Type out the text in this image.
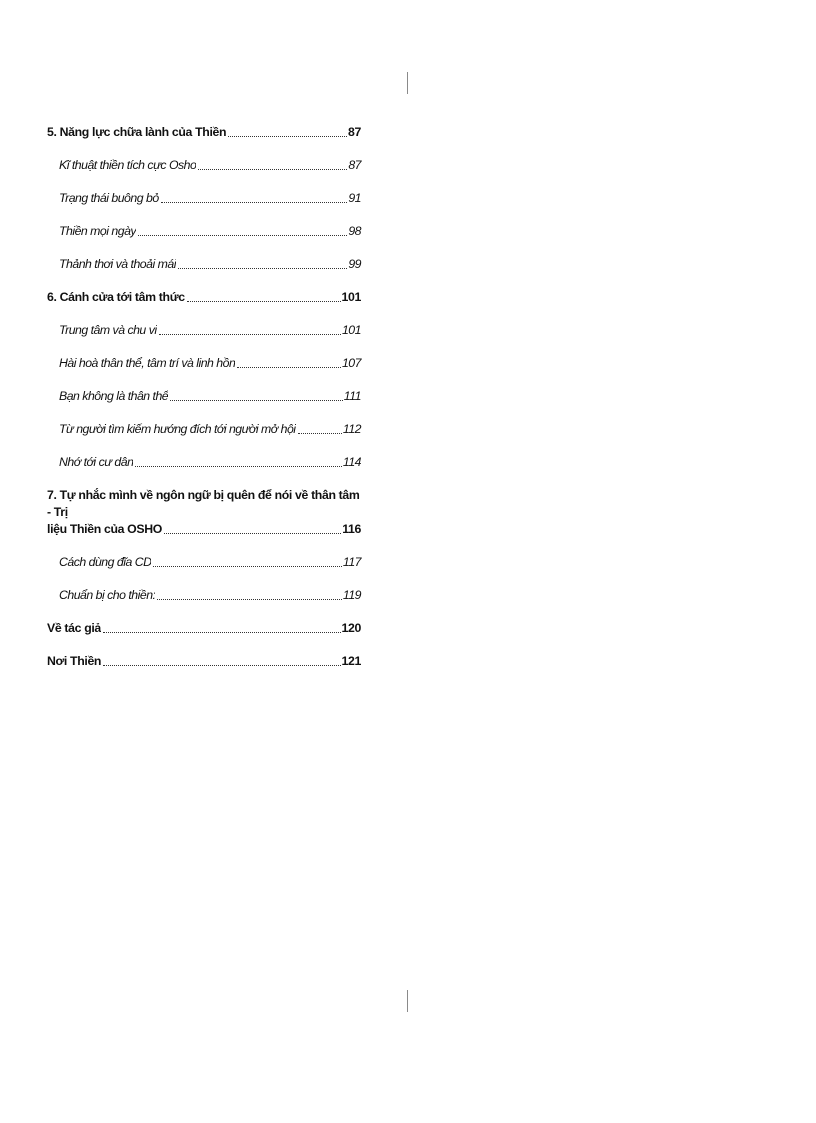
5. Năng lực chữa lành của Thiền	87
Kĩ thuật thiền tích cực Osho	87
Trạng thái buông bỏ	91
Thiền mọi ngày	98
Thảnh thơi và thoải mái	99
6. Cánh cửa tới tâm thức	101
Trung tâm và chu vi	101
Hài hoà thân thể, tâm trí và linh hồn	107
Bạn không là thân thể	111
Từ người tìm kiếm hướng đích tới người mở hội	112
Nhớ tới cư dân	114
7. Tự nhắc mình về ngôn ngữ bị quên để nói về thân tâm - Trị
liệu Thiền của OSHO	116
Cách dùng đĩa CD	117
Chuẩn bị cho thiền:	119
Về tác giả	120
Nơi Thiền	121
